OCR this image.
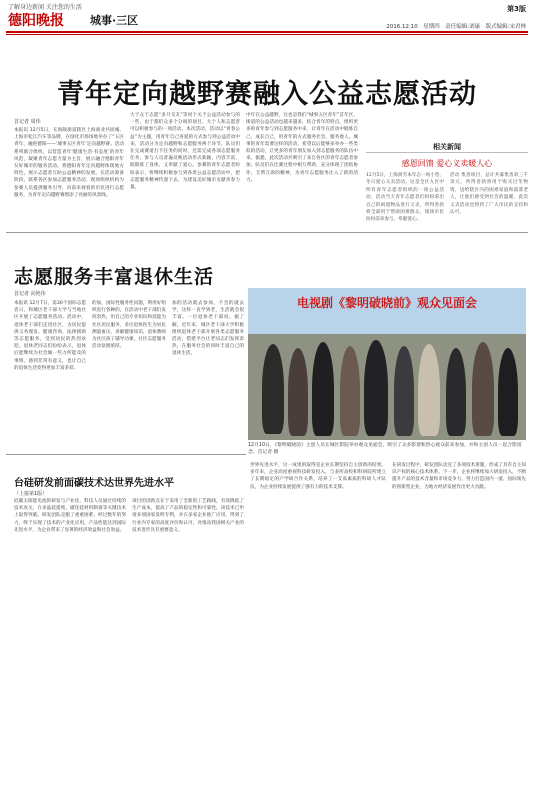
了解身边新闻 关注您的生活
德阳晚报 城事·三区
第3版
2016.12.10　星期四　责任编辑:刘康　版式编辑:宋君林
青年定向越野赛融入公益志愿活动
首记者 周伟
本报讯 12月5日，在海陵街道辖区上海商业共同城，上海市松江汽车等品牌，在绿化市场场地举办了“五区青年，融进德阳——‘城事五区青年’定向越野赛。活动系列联合组织，以营造青年‘健康生活·有态度’的青年风范，凝聚青年志愿力量为主旨，展示融合德阳青年友好城市的服务活动。将德阳青年定向越野体现地方特色，展示志愿者互助公益精神的发展。在活动筹备阶段，联系各区参加志愿服务活动，现场组织机构为参赛人员提供服务引导，向前来观看的市民进行志愿服务，为青年定向越野赛增添了亮丽的风景线。
大于众于志愿“多月交友”等同个关于公益活动参与的一些，由于都们众多个分项的项目，大个人和志愿者可以积极参与的一项活动。本次活动，活动以“青春公益”为主题，用青年自己喜爱的方式参与到公益活动中来，活动分为定向越野和志愿服务两个环节，队员们在完成赛道打卡任务的同时，还需完成各项志愿服务任务，参与人员普遍反映活动形式新颖，内容丰富，既锻炼了身体，又奉献了爱心。参赛的青年志愿者纷纷表示，将继续积极参与到各类公益志愿活动中，把志愿服务精神传递下去，为建设美好城市贡献青春力量。
中年在公益越野，这也是我们“城事五区青年”首年区，街道的公益活动也越来越多，结合青年的特点，组织更多的青年参与到志愿服务中来，让青年在活动中锻炼自己、成长自己，用青年的方式服务社会、服务他人。城事的青年需要这样的活动，希望以后能够多举办一些类似的活动，让更多的青年朋友加入到志愿服务的队伍中来。据悉，此次活动共吸引了来自各区的青年志愿者参加，队员们在比赛过程中相互帮助，充分体现了团结协作、互帮互助的精神，为青年志愿服务注入了新的活力。
相关新闻
感恩回馈 爱心义卖暖人心
12月5日，上海滑雪本年志一场小型、冬日爱心义卖活动。这是全区九区中所有青年志愿者组织的一项公益活动，活动当天青年志愿者们纷纷拿出自己的闲置物品进行义卖，所得善款将全部用于帮助困难群众，现场市民纷纷前来参与，奉献爱心。
活动 集善项目，总计共募集善款三千余元，所得善款将用于购买过冬物资，送给辖区内的困难家庭和孤寡老人，让他们感受到社会的温暖，此次义卖活动也得到了广大市民的支持和认可。
志愿服务丰富退休生活
首记者 向艳伟
本报讯 12月7日，第30个国际志愿者日，和城区老干部大学与当地社区开展了志愿服务活动。活动中，退休老干部们走进社区，为居民提供义务理发、健康咨询、法律援助等志愿服务，受到居民的热烈欢迎。退休老同志们纷纷表示，退休后能继续为社会做一些力所能及的事情，感到非常有意义，也让自己的退休生活变得更加丰富多彩。
的加，国际性服务性问题，利用好组织进行各种的，在活动中老干部们发挥余热，用自己的专业知识和技能为社区居民服务，多位退休医生为居民测量血压、讲解健康知识，退休教师为社区孩子辅导功课，社区志愿服务活动氛围浓厚。
加的活动就去参加，不会的就去学，这样一直学到老，生活就会很丰富。一位退休老干部说。据了解，近年来，城区老干部大学积极组织退休老干部开展各类志愿服务活动，搭建平台让老同志们发挥余热，在服务社会的同时丰富自己的退休生活。
电视剧《黎明破晓前》观众见面会
12月10日，《黎明破晓前》主创人员在城区影院举办观众见面会，吸引了众多影迷和热心观众前来参加，并和主创人员一起合影留念。首记者 摄
台硅研发前面碳技术达世界先进水平
（上接第1版）
硅碳太阳能电池的研发与产业化，科技人员通过持续的技术攻关，在多晶硅提纯、碳化硅材料制备等关键技术上取得突破。研发团队克服了重重困难，经过数年的努力，终于实现了技术的产业化应用，产品性能达到国际先进水平，为企业带来了显著的经济效益和社会效益。
项目的创新点在于采用了全新的工艺路线，有效降低了生产成本，提高了产品的稳定性和可靠性。该技术已申请多项国家发明专利，并在多家企业推广应用，得到了行业内专家的高度评价和认可，对推动我国相关产业的技术进步具有重要意义。
世界先进水平，这一成果的取得是企业长期坚持自主创新的结果。多年来，企业高度重视科技研发投入，与多所高校和科研院所建立了长期稳定的产学研合作关系，培养了一支高素质的科研人才队伍，为企业持续发展提供了强有力的技术支撑。
在研发过程中，研发团队攻克了多项技术难题，形成了具有自主知识产权的核心技术体系。下一步，企业将继续加大研发投入，不断提升产品的技术含量和市场竞争力，努力打造国内一流、国际领先的创新型企业，为地方经济发展作出更大贡献。
